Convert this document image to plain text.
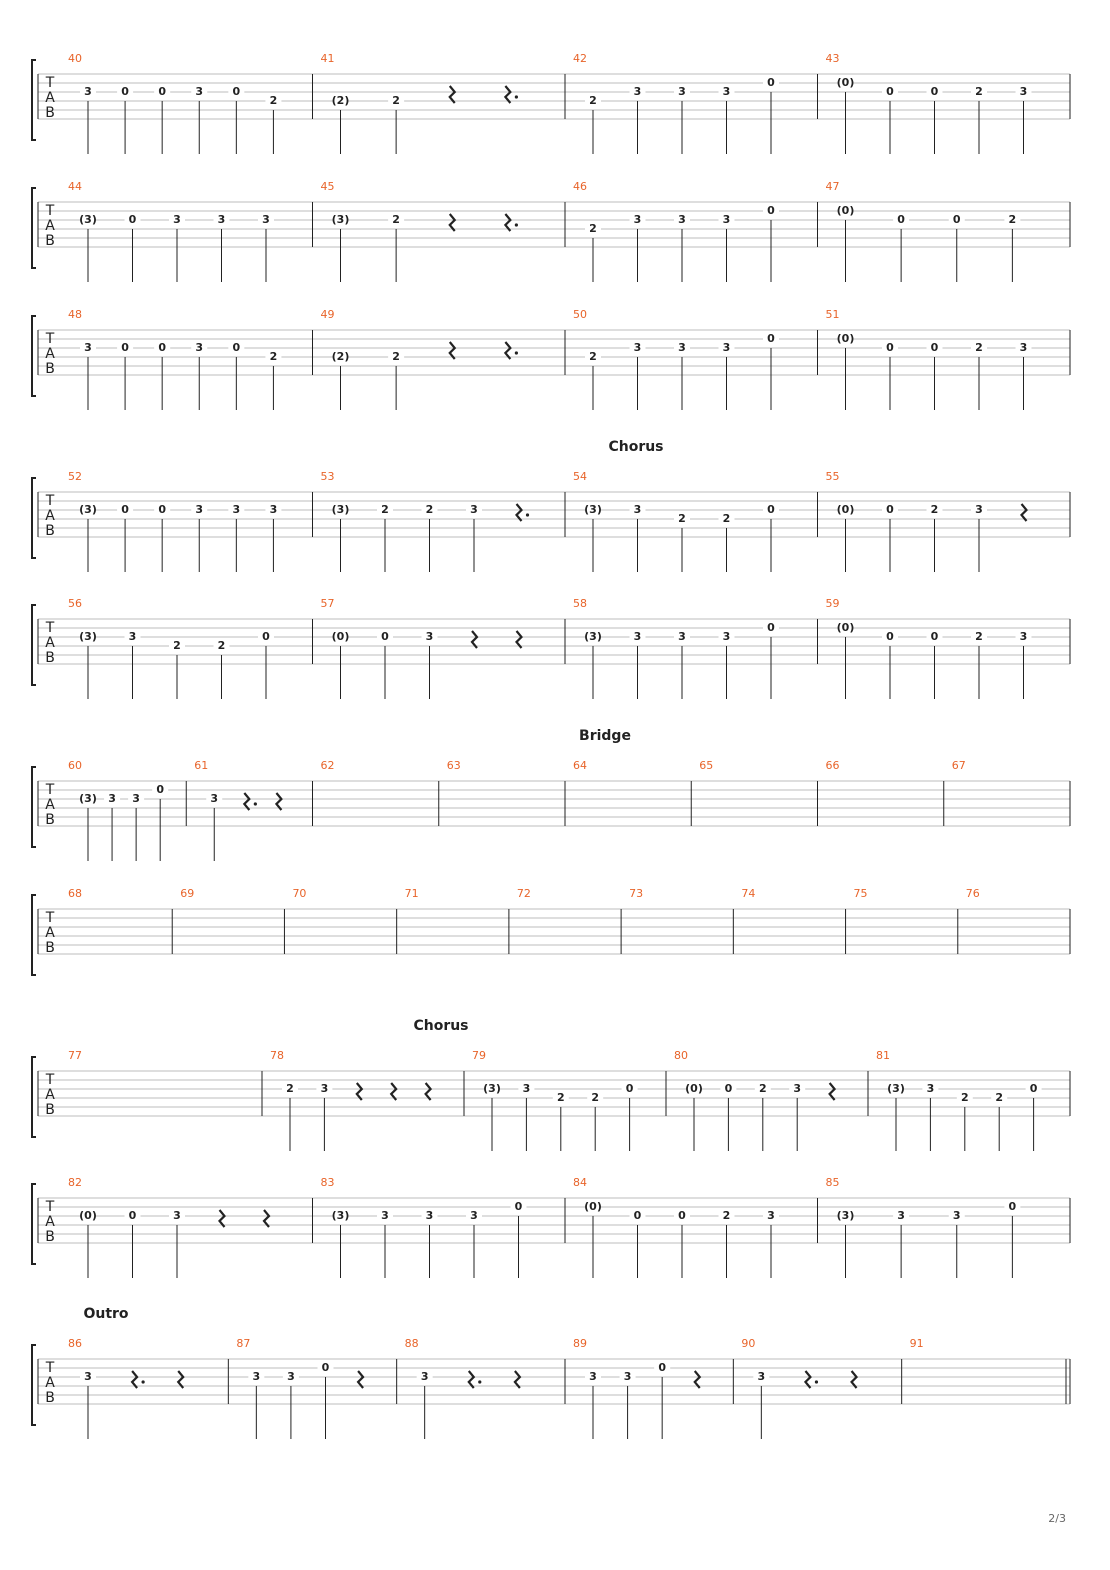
T
A
B
40
3	0	0	3	0
2
41
(2)	2
42
2
3	3	3
0
43
(0)
0	0	2	3
T
A
B
44
(3)	0	3	3	3
45
(3)	2
46
2
3	3	3
0
47
(0)
0	0	2
T
A
B
48
3	0	0	3	0
2
49
(2)	2
50
2
3	3	3
0
51
(0)
0	0	2	3
T
A
B
Chorus
52
(3) 0	0	3	3	3
53
(3)	2	2	3
54
(3)	3
2	2
0
55
(0)	0	2	3
T
A
B
56
(3)	3
2	2
0
57
(0)	0	3
58
(3)	3	3	3
0
59
(0)
0	0	2	3
T
A
B
Bridge
60
(3) 3 3
0
61
3
62	63	64	65	66	67
T
A
B
68	69	70	71	72	73	74	75	76
T
A
B
Chorus
77	78
2 3
79
(3) 3
2 2
0
80
(0) 0 2 3
81
(3) 3
2 2
0
T
A
B
82
(0)	0	3
83
(3)	3	3	3
0
84
(0)
0	0	2	3
85
(3)	3	3
0
T
A
B
Outro
86
3
87
3 3
0
88
3
89
3 3
0
90
3
91
2/3
